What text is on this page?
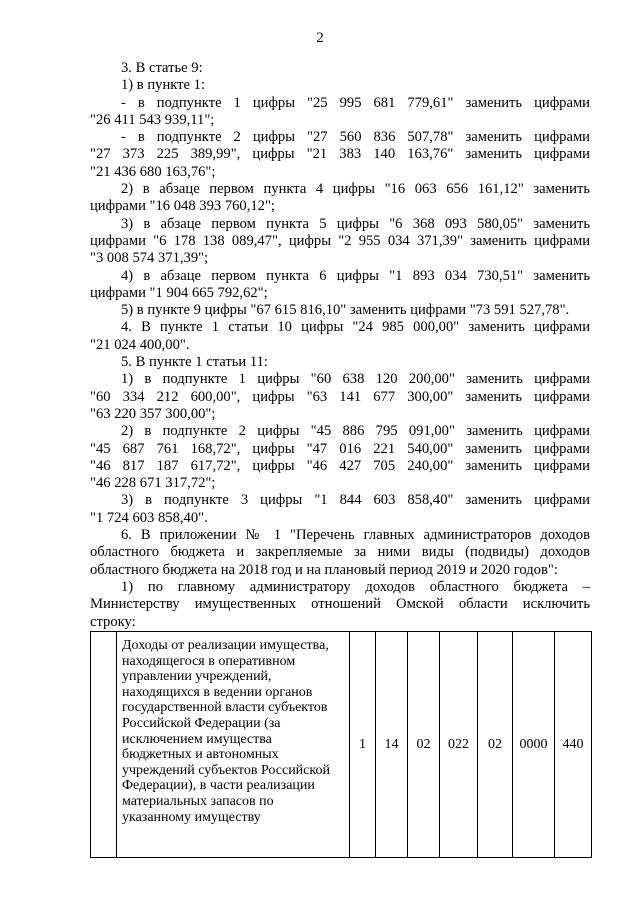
2

3. В статье 9:

1) в пункте 1:

- в подпункте 1 цифры "25 995 681 779,61" заменить цифрами

"26 411 543 939,11";

- в подпункте 2 цифры "27 560 836 507,78" заменить цифрами

"27 373 225 389,99", цифры "21 383 140 163,76" заменить цифрами

"21 436 680 163,76";

2) в абзаце первом пункта 4 цифры "16 063 656 161,12" заменить

цифрами "16 048 393 760,12";

3) в абзаце первом пункта 5 цифры "6 368 093 580,05" заменить

цифрами "6 178 138 089,47", цифры "2 955 034 371,39" заменить цифрами

"3 008 574 371,39";

4) в абзаце первом пункта 6 цифры "1 893 034 730,51" заменить

цифрами "1 904 665 792,62";

5) в пункте 9 цифры "67 615 816,10" заменить цифрами "73 591 527,78".

4. В пункте 1 статьи 10 цифры "24 985 000,00" заменить цифрами

"21 024 400,00".

5. В пункте 1 статьи 11:

1) в подпункте 1 цифры "60 638 120 200,00" заменить цифрами

"60 334 212 600,00", цифры "63 141 677 300,00" заменить цифрами

"63 220 357 300,00";

2) в подпункте 2 цифры "45 886 795 091,00" заменить цифрами

"45 687 761 168,72", цифры "47 016 221 540,00" заменить цифрами

"46 817 187 617,72", цифры "46 427 705 240,00" заменить цифрами

"46 228 671 317,72";

3) в подпункте 3 цифры "1 844 603 858,40" заменить цифрами

"1 724 603 858,40".

6. В приложении № 1 "Перечень главных администраторов доходов

областного бюджета и закрепляемые за ними виды (подвиды) доходов

областного бюджета на 2018 год и на плановый период 2019 и 2020 годов":

1) по главному администратору доходов областного бюджета –

Министерству имущественных отношений Омской области исключить

строку:

	Доходы от реализации имущества, находящегося в оперативном управлении учреждений, находящихся в ведении органов государственной власти субъектов Российской Федерации (за исключением имущества бюджетных и автономных учреждений субъектов Российской Федерации), в части реализации материальных запасов по указанному имуществу	1	14	02	022	02	0000	440
